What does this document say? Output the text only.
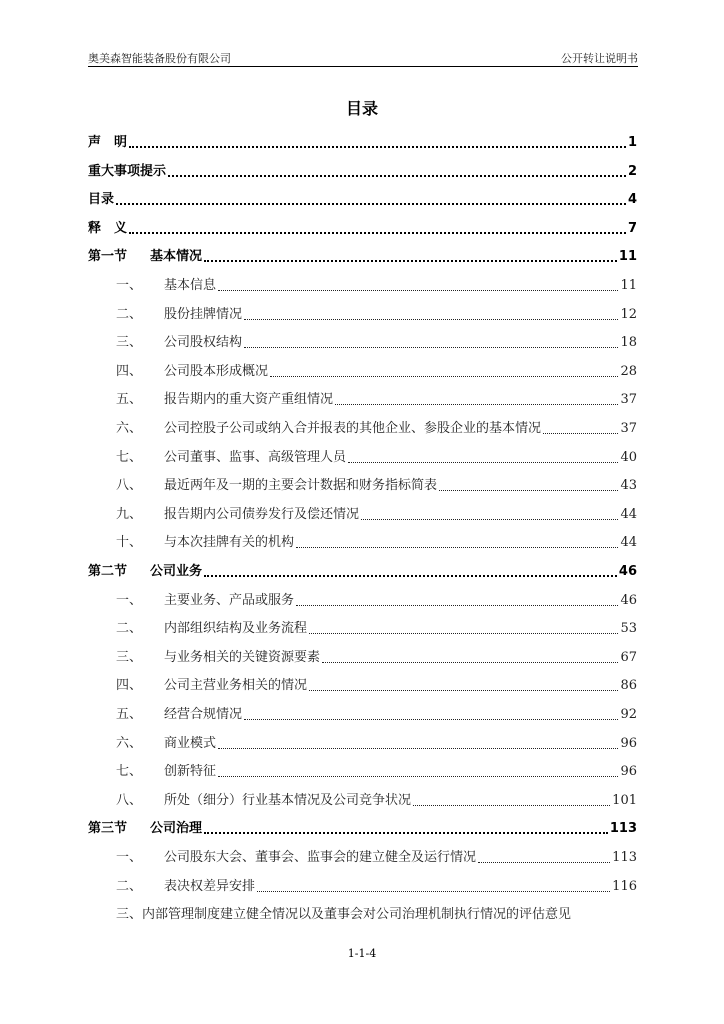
奥美森智能装备股份有限公司	公开转让说明书
目录
声　明	1
重大事项提示	2
目录	4
释　义	7
第一节 基本情况	11
一、 基本信息	11
二、 股份挂牌情况	12
三、 公司股权结构	18
四、 公司股本形成概况	28
五、 报告期内的重大资产重组情况	37
六、 公司控股子公司或纳入合并报表的其他企业、参股企业的基本情况	37
七、 公司董事、监事、高级管理人员	40
八、 最近两年及一期的主要会计数据和财务指标简表	43
九、 报告期内公司债券发行及偿还情况	44
十、 与本次挂牌有关的机构	44
第二节 公司业务	46
一、 主要业务、产品或服务	46
二、 内部组织结构及业务流程	53
三、 与业务相关的关键资源要素	67
四、 公司主营业务相关的情况	86
五、 经营合规情况	92
六、 商业模式	96
七、 创新特征	96
八、 所处（细分）行业基本情况及公司竞争状况	101
第三节 公司治理	113
一、 公司股东大会、董事会、监事会的建立健全及运行情况	113
二、 表决权差异安排	116
三、内部管理制度建立健全情况以及董事会对公司治理机制执行情况的评估意见
1-1-4
